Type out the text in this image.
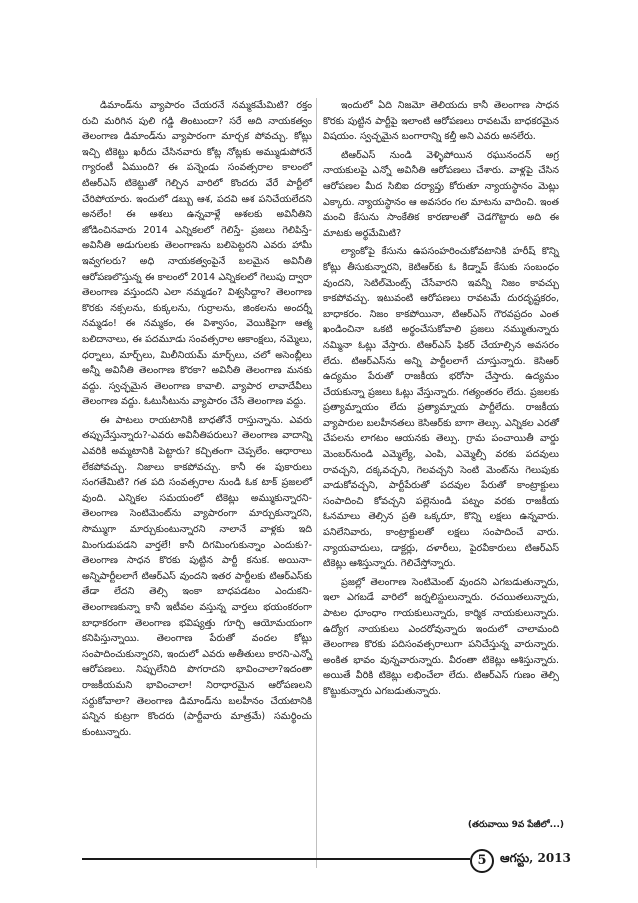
డిమాండ్‌ను వ్యాపారం చేయరనే నమ్మకమేమిటి? రక్తం రుచి మరిగిన పులి గడ్డి తింటుందా? సరే అది నాయకత్వం తెలంగాణ డిమాండ్‌ను వ్యాపారంగా మార్చక పోవచ్చు. కోట్లు ఇచ్చి టికెట్టు ఖరీదు చేసినవారు కోట్ల నోట్లకు అమ్ముడుపోరనే గ్యారంటీ ఏముంది? ఈ పన్నెండు సంవత్సరాల కాలంలో టిఆర్ఎస్ టికెట్టుతో గెల్చిన వారిలో కొందరు వేరే పార్టీలో చేరిపోయారు. ఇందులో డబ్బు ఆశ, పదవి ఆశ పనిచేయలేదని అనలేం! ఈ ఆశలు ఉన్నవాళ్లే ఆశలకు అవినీతిని జోడించినవారు 2014 ఎన్నికలలో గెలిస్తే- ప్రజలు గెలిపిస్తే- అవినీతి అడుగులకు తెలంగాణను బలిపెట్టరని ఎవరు హామీ ఇవ్వగలరు? అధి నాయకత్వంపైనే బలమైన అవినీతి ఆరోపణలొస్తున్న ఈ కాలంలో 2014 ఎన్నికలలో గెలుపు ద్వారా తెలంగాణ వస్తుందని ఎలా నమ్మడం? విశ్వసిద్దాం? తెలంగాణ కొరకు నక్సలను, కుక్కలను, గుర్రాలను, జింకలను అందర్నీ నమ్మడం! ఈ నమ్మకం, ఈ విశ్వాసం, వెయికిపైగా ఆత్మ బలిదానాలు, ఈ పదమూడు సంవత్సరాల ఆకాంక్షలు, నమ్మెలు, ధర్నాలు, మార్చ్‌లు, మిలీనియమ్ మార్చ్‌లు, చలో అసెంబ్లీలు అన్నీ అవినీతి తెలంగాణ కొరకా? అవినీతి తెలంగాణ మనకు వద్దు. స్వచ్ఛమైన తెలంగాణ కావాలి. వ్యాపార లావాదేవీలు తెలంగాణ వద్దు. ఓటుసీటును వ్యాపారం చేసే తెలంగాణ వద్దు.

ఈ పాటలు రాయటానికి బాధతోనే రాస్తున్నాను. ఎవరు తప్పుచేస్తున్నారు?-ఎవరు అవినీతిపరులు? తెలంగాణ వాదాన్ని ఎవరికి అమ్మటానికి పెట్టారు? కచ్చితంగా చెప్పలేం. ఆధారాలు లేకపోవచ్చు. నిజాలు కాకపోవచ్చు. కానీ ఈ పుకారులు సంగతేమిటి? గత పది సంవత్సరాల నుండి ఓక టాక్ ప్రజలలో వుంది. ఎన్నికల సమయంలో టికెట్లు అమ్ముకున్నారని- తెలంగాణ సెంటిమెంట్‌ను వ్యాపారంగా మార్చుకున్నారని, సొమ్ముగా మార్చుకుంటున్నారని నాలానే వాళ్లకు ఇది మింగుడుపడని వార్తలే! కానీ దిగమింగుకున్నాం ఎందుకు?- తెలంగాణ సాధన కొరకు పుట్టిన పార్టీ కనుక. అయినా- అన్నిపార్టీలలాగే టిఆర్ఎస్ వుందని ఇతర పార్టీలకు టిఆర్ఎస్‌కు తేడా లేదని తెల్సి ఇంకా బాధపడటం ఎందుకని- తెలంగాణకున్నా కానీ ఇటీవల వస్తున్న వార్తలు భయంకరంగా బాధాకరంగా తెలంగాణ భవిష్యత్తు గూర్చి ఆయోమయంగా కనిపిస్తున్నాయి. తెలంగాణ పేరుతో వందల కోట్లు సంపాదించుకున్నారని, ఇందులో ఎవరు అతీతులు కారని-ఎన్నో ఆరోపణలు. నిప్పులేనిది పొగరాదని భావించాలా?ఇదంతా రాజకీయమని భావించాలా! నిరాధారమైన ఆరోపణలని సర్దుకోవాలా? తెలంగాణ డిమాండ్‌ను బలహీనం చేయటానికి పన్నిన కుట్రగా కొందరు (పార్టీవారు మాత్రమే) సమర్థించు కుంటున్నారు.

ఇందులో ఏది నిజమో తెలియదు కానీ తెలంగాణ సాధన కొరకు పుట్టిన పార్టీపై ఇలాంటి ఆరోపణలు రావటమే బాధకరమైన విషయం. స్వచ్ఛమైన బంగారాన్ని కల్తీ అని ఎవరు అనలేరు.

టిఆర్ఎస్ నుండి వెళ్ళిపోయిన రఘునందన్ అగ్ర నాయకులపై ఎన్నో అవినీతి ఆరోపణలు చేశారు. వాళ్లపై చేసిన ఆరోపణల మీద సిబిఐ దర్యాప్తు కోరుతూ న్యాయస్థానం మెట్లు ఎక్కారు. న్యాయస్థానం ఆ అవసరం గల మాటను వాదించి. ఇంత మంచి కేసును సాంకేతిక కారణాలతో చెడగొట్టారు అది ఈ మాటకు అర్థమేమిటి?

ల్యాంకోపై కేసును ఉపసంహరించుకోవటానికి హరీష్ కొన్ని కోట్లు తీసుకున్నారని, కెటిఆర్‌కు ఓ కిడ్నాప్ కేసుకు సంబంధం వుందని, సెటిల్‌మెంట్స్ చేసేవారని ఇవన్నీ నిజం కావచ్చు కాకపోవచ్చు. ఇటువంటి ఆరోపణలు రావటమే దురదృష్టకరం, బాధాకరం. నిజం కాకపోయినా, టిఆర్ఎస్ గౌరవప్రదం ఎంత ఖండించినా ఒకటి అర్థంచేసుకోవాలి ప్రజలు నమ్ముతున్నారు నమ్మినా ఓట్లు వేస్తారు. టిఆర్ఎస్ ఫికర్ చేయాల్సిన అవసరం లేదు. టిఆర్ఎస్‌ను అన్ని పార్టీలలాగే చూస్తున్నారు. కెసిఆర్ ఉద్యమం పేరుతో రాజకీయ భరోసా చేస్తారు. ఉద్యమం చేయకున్నా ప్రజలు ఓట్లు వేస్తున్నారు. గత్యంతరం లేదు. ప్రజలకు ప్రత్యామ్నాయం లేదు ప్రత్యామ్నాయ పార్టీలేదు. రాజకీయ వ్యాపారుల బలహీనతలు కెసిఆర్‌కు బాగా తెల్సు. ఎన్నికల ఎరతో చేపలను లాగటం ఆయనకు తెల్సు. గ్రామ పంచాయితీ వార్డు మెంబర్‌నుండి ఎమ్మెల్యే, ఎంపి, ఎమ్మెల్సీ వరకు పదవులు రావచ్చని, దక్కవచ్చని, గెలవచ్చని సెంటి మెంట్‌ను గెలుపుకు వాడుకోవచ్చని, పార్టీపేరుతో పదవుల పేరుతో కాంట్రాక్టులు సంపాదించి కోవచ్చని పల్లెనుండి పట్నం వరకు రాజకీయ ఓనమాలు తెల్సిన ప్రతి ఒక్కరూ, కొన్ని లక్షలు ఉన్నవారు. పనిలేనివారు, కాంట్రాక్టులతో లక్షలు సంపాదించే వారు. న్యాయవాదులు, డాక్టర్లు, దళారీలు, పైరవీకారులు టిఆర్ఎస్ టికెట్లు ఆశిస్తున్నారు. గెలిచేస్తోన్నారు.

ప్రజల్లో తెలంగాణ సెంటిమెంట్ వుందని ఎగబడుతున్నారు, ఇలా ఎగబడే వారిలో జర్నలిస్టులున్నారు. రచయితలున్నారు, పాటల ధూంధాం గాయకులున్నారు, కార్మిక నాయకులున్నారు. ఉద్యోగ నాయకులు ఎందరోవున్నారు ఇందులో చాలామంది తెలంగాణ కొరకు పదిసంవత్సరాలుగా పనిచేస్తున్న వారున్నారు. అంకిత భావం వున్నవారున్నారు. వీరంతా టికెట్లు ఆశిస్తున్నారు. అయితే వీరికి టికెట్లు లభించేలా లేదు. టిఆర్ఎస్ గుణం తెల్సి కొట్టుకున్నారు ఎగబడుతున్నారు.

(తరువాయి 9వ పేజీలో...)
5	ఆగస్టు, 2013
